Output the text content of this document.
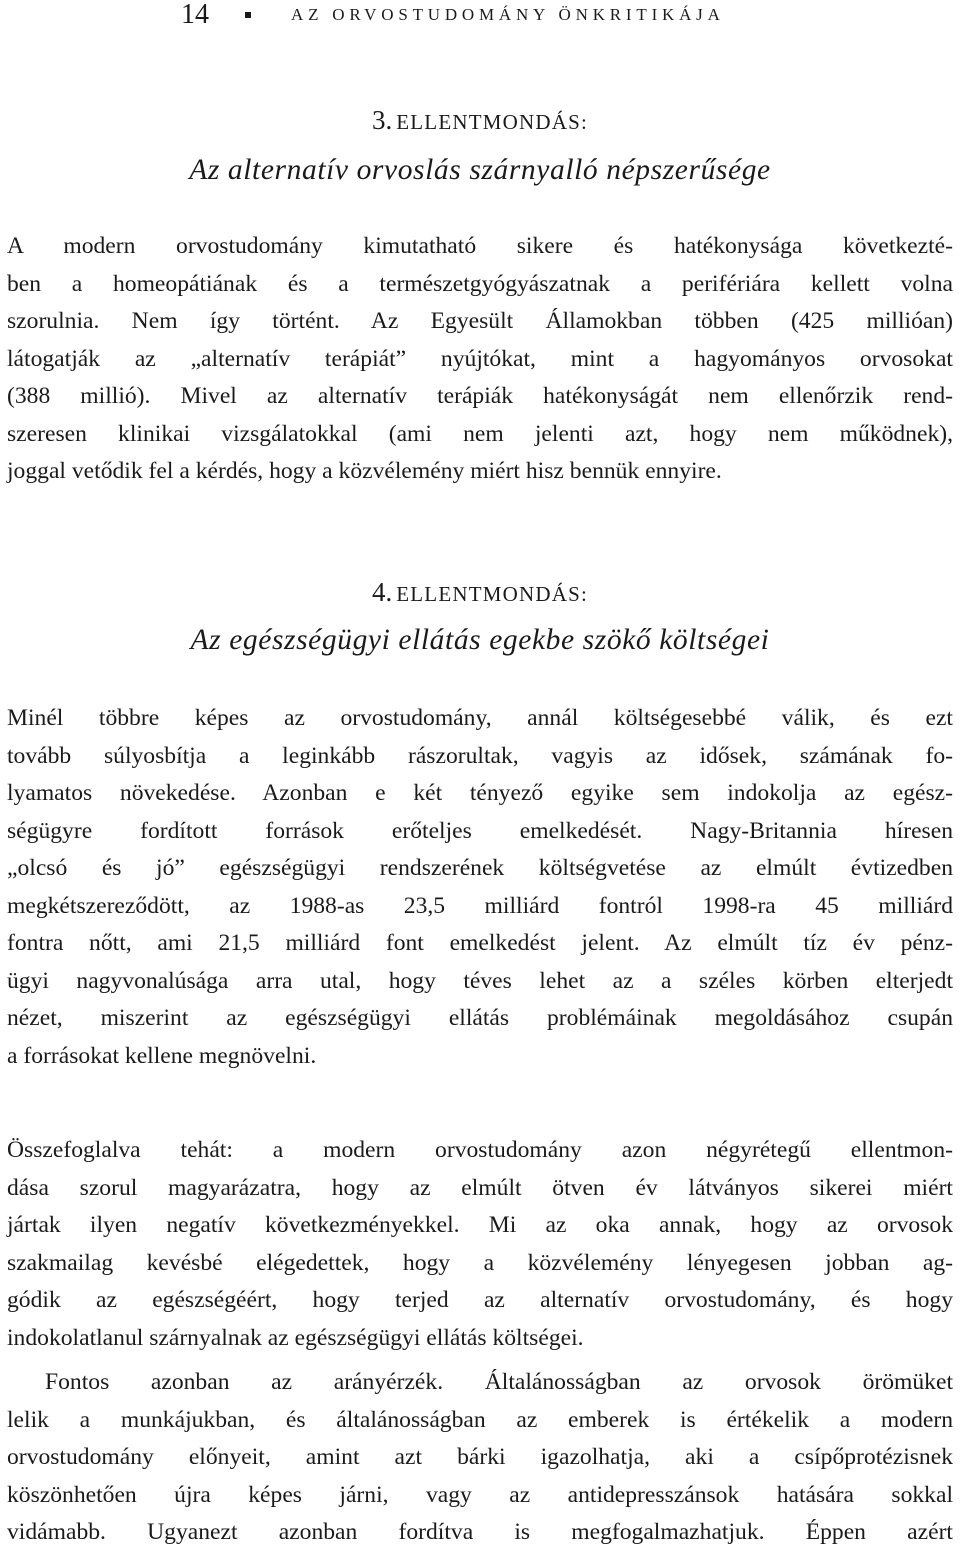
14	AZ ORVOSTUDOMÁNY ÖNKRITIKÁJA
3. ELLENTMONDÁS:
Az alternatív orvoslás szárnyalló népszerűsége
A modern orvostudomány kimutatható sikere és hatékonysága következté-
ben a homeopátiának és a természetgyógyászatnak a perifériára kellett volna
szorulnia. Nem így történt. Az Egyesült Államokban többen (425 millióan)
látogatják az „alternatív terápiát” nyújtókat, mint a hagyományos orvosokat
(388 millió). Mivel az alternatív terápiák hatékonyságát nem ellenőrzik rend-
szeresen klinikai vizsgálatokkal (ami nem jelenti azt, hogy nem működnek),
joggal vetődik fel a kérdés, hogy a közvélemény miért hisz bennük ennyire.
4. ELLENTMONDÁS:
Az egészségügyi ellátás egekbe szökő költségei
Minél többre képes az orvostudomány, annál költségesebbé válik, és ezt
tovább súlyosbítja a leginkább rászorultak, vagyis az idősek, számának fo-
lyamatos növekedése. Azonban e két tényező egyike sem indokolja az egész-
ségügyre fordított források erőteljes emelkedését. Nagy-Britannia híresen
„olcsó és jó” egészségügyi rendszerének költségvetése az elmúlt évtizedben
megkétszereződött, az 1988-as 23,5 milliárd fontról 1998-ra 45 milliárd
fontra nőtt, ami 21,5 milliárd font emelkedést jelent. Az elmúlt tíz év pénz-
ügyi nagyvonalúsága arra utal, hogy téves lehet az a széles körben elterjedt
nézet, miszerint az egészségügyi ellátás problémáinak megoldásához csupán
a forrásokat kellene megnövelni.
Összefoglalva tehát: a modern orvostudomány azon négyrétegű ellentmon-
dása szorul magyarázatra, hogy az elmúlt ötven év látványos sikerei miért
jártak ilyen negatív következményekkel. Mi az oka annak, hogy az orvosok
szakmailag kevésbé elégedettek, hogy a közvélemény lényegesen jobban ag-
gódik az egészségéért, hogy terjed az alternatív orvostudomány, és hogy
indokolatlanul szárnyalnak az egészségügyi ellátás költségei.
Fontos azonban az arányérzék. Általánosságban az orvosok örömüket
lelik a munkájukban, és általánosságban az emberek is értékelik a modern
orvostudomány előnyeit, amint azt bárki igazolhatja, aki a csípőprotézisnek
köszönhetően újra képes járni, vagy az antidepresszánsok hatására sokkal
vidámabb. Ugyanezt azonban fordítva is megfogalmazhatjuk. Éppen azért
